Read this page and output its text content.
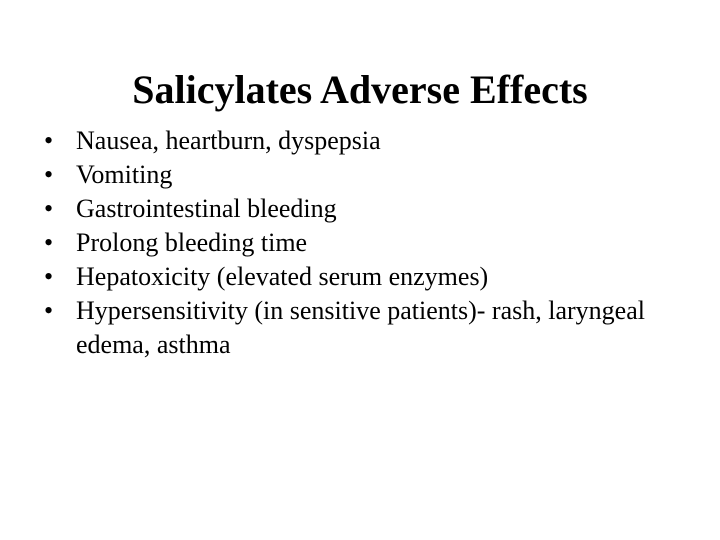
Salicylates Adverse Effects
• Nausea, heartburn, dyspepsia
• Vomiting
• Gastrointestinal bleeding
• Prolong bleeding time
• Hepatoxicity (elevated serum enzymes)
• Hypersensitivity (in sensitive patients)- rash, laryngeal edema, asthma
